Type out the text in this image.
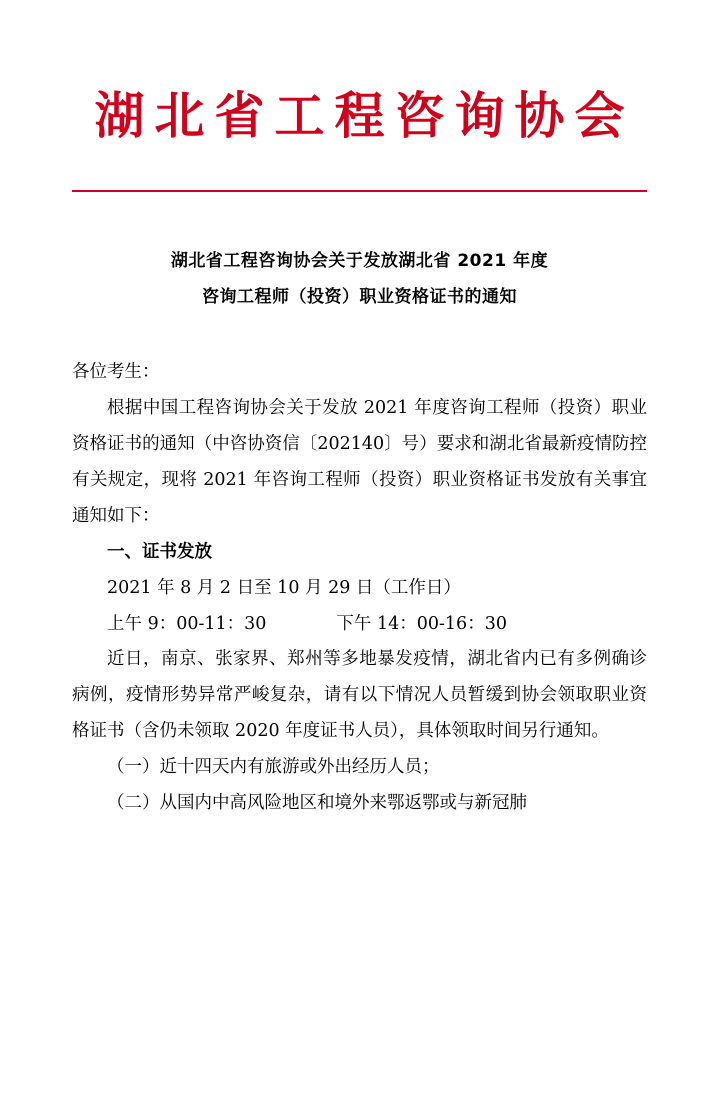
湖北省工程咨询协会
湖北省工程咨询协会关于发放湖北省 2021 年度
咨询工程师（投资）职业资格证书的通知

各位考生：

根据中国工程咨询协会关于发放 2021 年度咨询工程师（投资）职业资格证书的通知（中咨协资信〔202140〕号）要求和湖北省最新疫情防控有关规定，现将 2021 年咨询工程师（投资）职业资格证书发放有关事宜通知如下：

一、证书发放

2021 年 8 月 2 日至 10 月 29 日（工作日）

上午 9：00-11：30　　　　下午 14：00-16：30

近日，南京、张家界、郑州等多地暴发疫情，湖北省内已有多例确诊病例，疫情形势异常严峻复杂，请有以下情况人员暂缓到协会领取职业资格证书（含仍未领取 2020 年度证书人员），具体领取时间另行通知。

（一）近十四天内有旅游或外出经历人员；

（二）从国内中高风险地区和境外来鄂返鄂或与新冠肺
